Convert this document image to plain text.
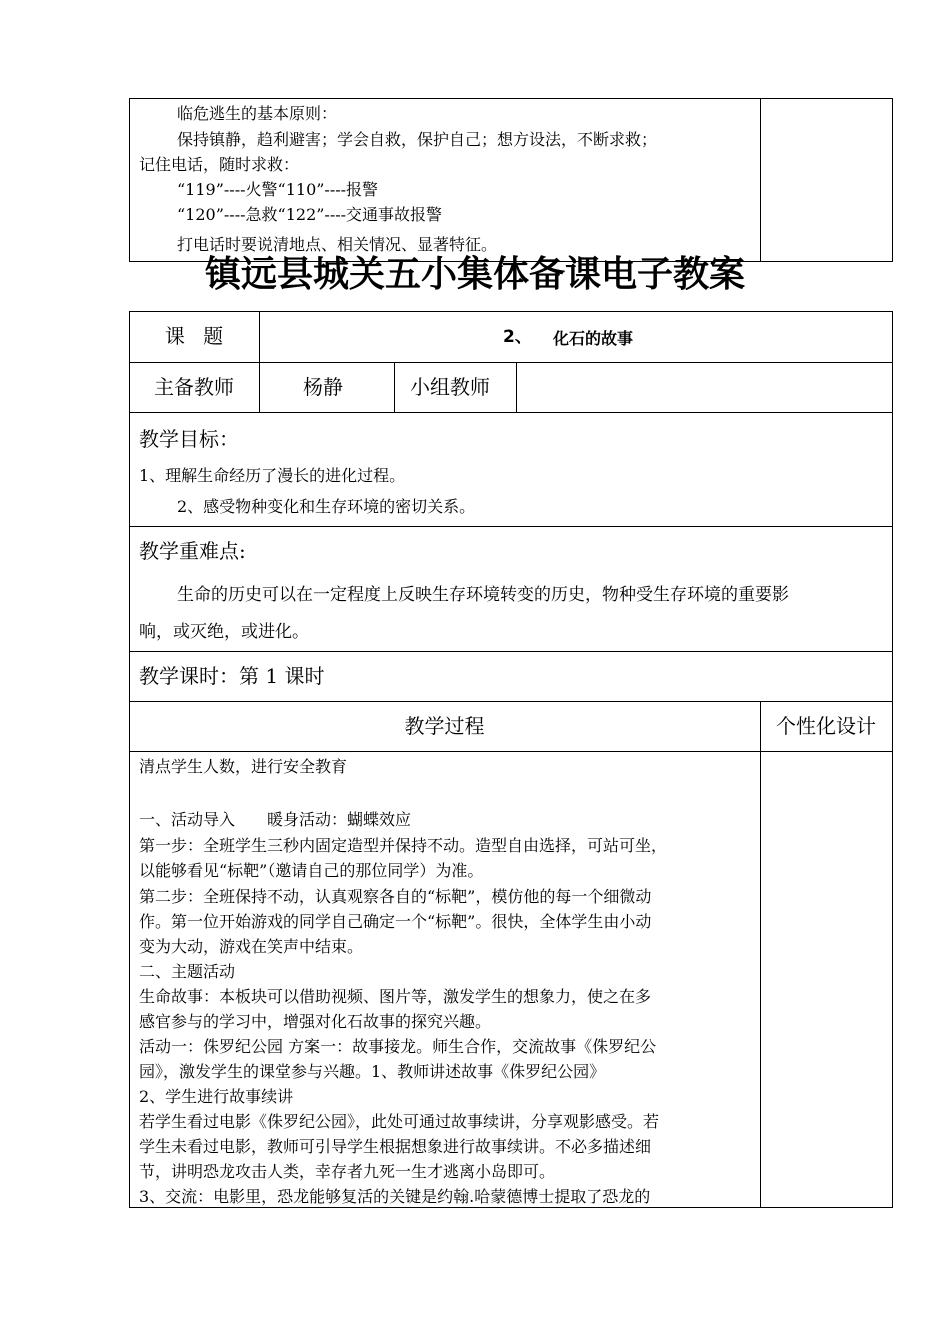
临危逃生的基本原则：
保持镇静，趋利避害；学会自救，保护自己；想方设法，不断求救；
记住电话，随时求救：
“119”----火警“110”----报警
“120”----急救“122”----交通事故报警
打电话时要说清地点、相关情况、显著特征。
镇远县城关五小集体备课电子教案
课 题	2、 化石的故事
主备教师	杨静	小组教师
教学目标：
1、理解生命经历了漫长的进化过程。
2、感受物种变化和生存环境的密切关系。
教学重难点:
生命的历史可以在一定程度上反映生存环境转变的历史，物种受生存环境的重要影
响，或灭绝，或进化。
教学课时：第 1 课时
教学过程	个性化设计
清点学生人数，进行安全教育
一、活动导入　　暖身活动：蝴蝶效应
第一步：全班学生三秒内固定造型并保持不动。造型自由选择，可站可坐，
以能够看见“标靶”（邀请自己的那位同学）为准。
第二步：全班保持不动，认真观察各自的“标靶”，模仿他的每一个细微动
作。第一位开始游戏的同学自己确定一个“标靶”。很快，全体学生由小动
变为大动，游戏在笑声中结束。
二、主题活动
生命故事：本板块可以借助视频、图片等，激发学生的想象力，使之在多
感官参与的学习中，增强对化石故事的探究兴趣。
活动一：侏罗纪公园 方案一：故事接龙。师生合作，交流故事《侏罗纪公
园》，激发学生的课堂参与兴趣。1、教师讲述故事《侏罗纪公园》
2、学生进行故事续讲
若学生看过电影《侏罗纪公园》，此处可通过故事续讲，分享观影感受。若
学生未看过电影，教师可引导学生根据想象进行故事续讲。不必多描述细
节，讲明恐龙攻击人类，幸存者九死一生才逃离小岛即可。
3、交流：电影里，恐龙能够复活的关键是约翰.哈蒙德博士提取了恐龙的
